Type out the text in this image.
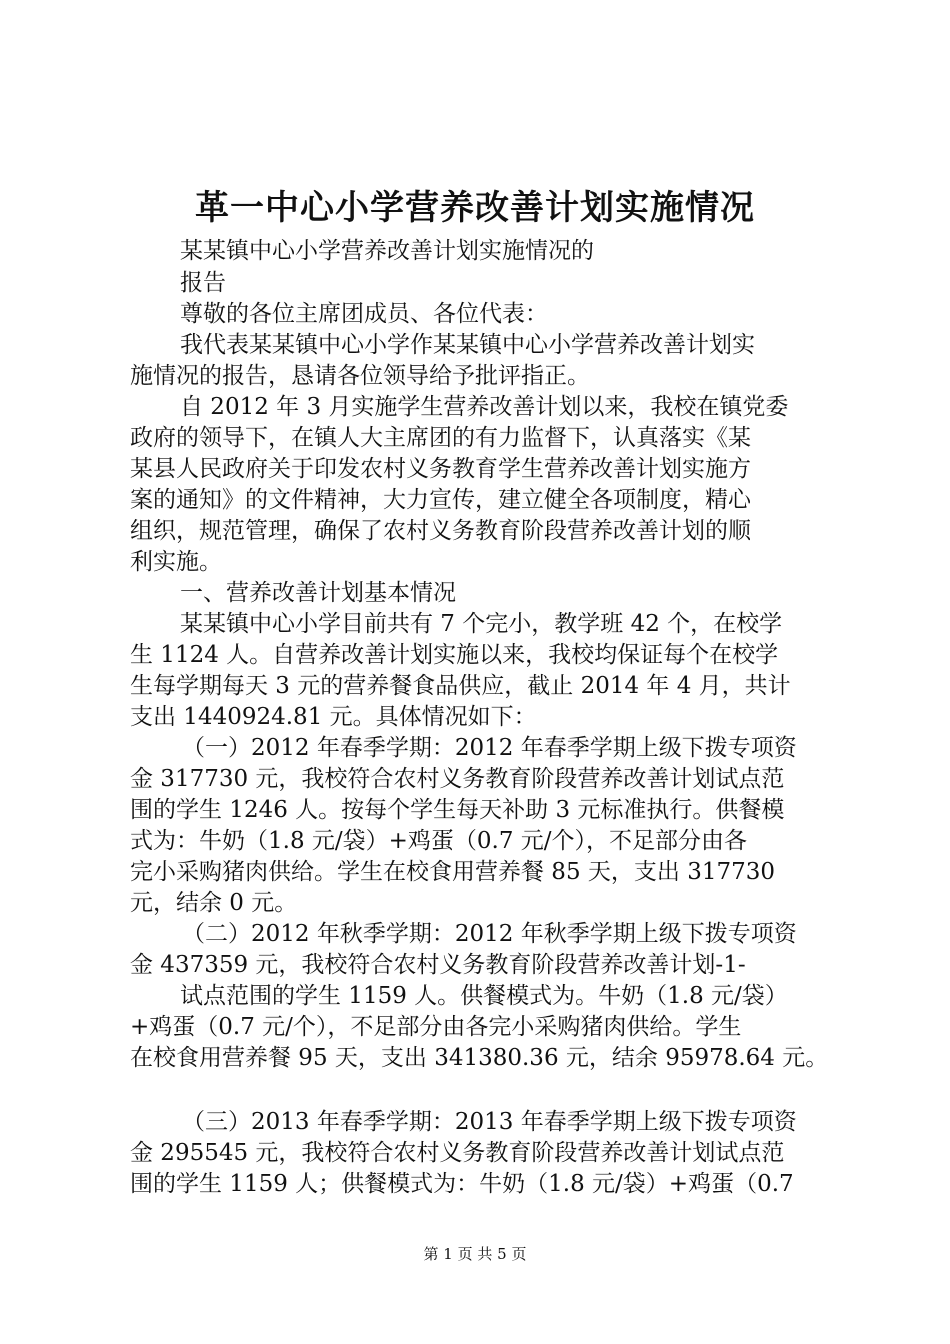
革一中心小学营养改善计划实施情况
某某镇中心小学营养改善计划实施情况的
报告
尊敬的各位主席团成员、各位代表：
我代表某某镇中心小学作某某镇中心小学营养改善计划实
施情况的报告，恳请各位领导给予批评指正。
自 2012 年 3 月实施学生营养改善计划以来，我校在镇党委
政府的领导下，在镇人大主席团的有力监督下，认真落实《某
某县人民政府关于印发农村义务教育学生营养改善计划实施方
案的通知》的文件精神，大力宣传，建立健全各项制度，精心
组织，规范管理，确保了农村义务教育阶段营养改善计划的顺
利实施。
一、营养改善计划基本情况
某某镇中心小学目前共有 7 个完小，教学班 42 个，在校学
生 1124 人。自营养改善计划实施以来，我校均保证每个在校学
生每学期每天 3 元的营养餐食品供应，截止 2014 年 4 月，共计
支出 1440924.81 元。具体情况如下：
（一）2012 年春季学期：2012 年春季学期上级下拨专项资
金 317730 元，我校符合农村义务教育阶段营养改善计划试点范
围的学生 1246 人。按每个学生每天补助 3 元标准执行。供餐模
式为：牛奶（1.8 元/袋）+鸡蛋（0.7 元/个），不足部分由各
完小采购猪肉供给。学生在校食用营养餐 85 天，支出 317730
元，结余 0 元。
（二）2012 年秋季学期：2012 年秋季学期上级下拨专项资
金 437359 元，我校符合农村义务教育阶段营养改善计划-1-
试点范围的学生 1159 人。供餐模式为。牛奶（1.8 元/袋）
+鸡蛋（0.7 元/个），不足部分由各完小采购猪肉供给。学生
在校食用营养餐 95 天，支出 341380.36 元，结余 95978.64 元。
（三）2013 年春季学期：2013 年春季学期上级下拨专项资
金 295545 元，我校符合农村义务教育阶段营养改善计划试点范
围的学生 1159 人；供餐模式为：牛奶（1.8 元/袋）+鸡蛋（0.7
第 1 页 共 5 页
